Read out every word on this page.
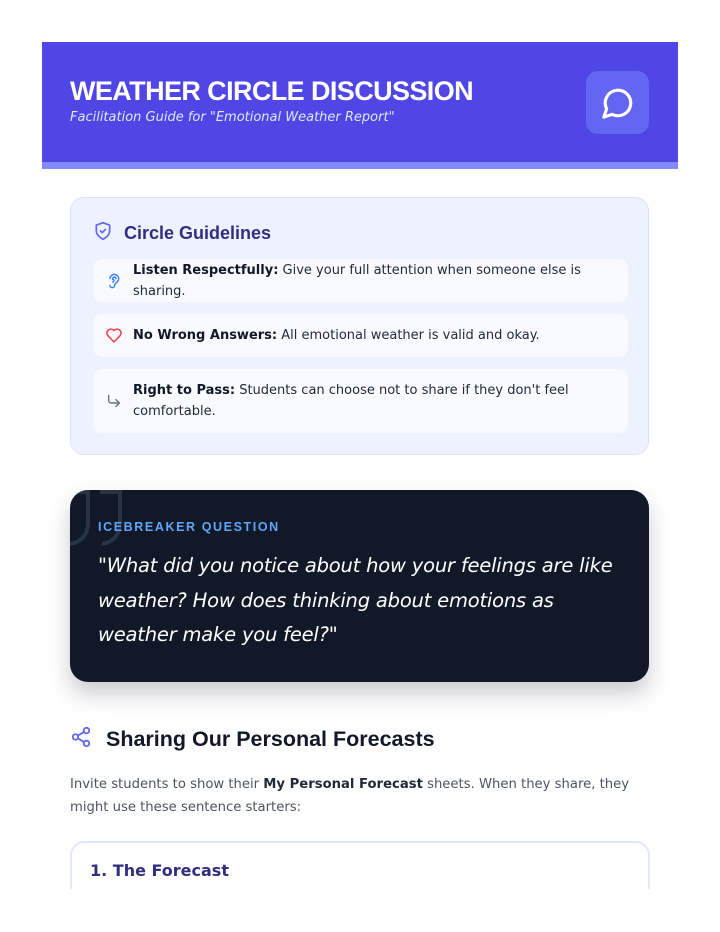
WEATHER CIRCLE DISCUSSION
Facilitation Guide for "Emotional Weather Report"
Circle Guidelines
Listen Respectfully: Give your full attention when someone else is sharing.
No Wrong Answers: All emotional weather is valid and okay.
Right to Pass: Students can choose not to share if they don't feel comfortable.
ICEBREAKER QUESTION
"What did you notice about how your feelings are like weather? How does thinking about emotions as weather make you feel?"
Sharing Our Personal Forecasts
Invite students to show their My Personal Forecast sheets. When they share, they might use these sentence starters:
1. The Forecast
